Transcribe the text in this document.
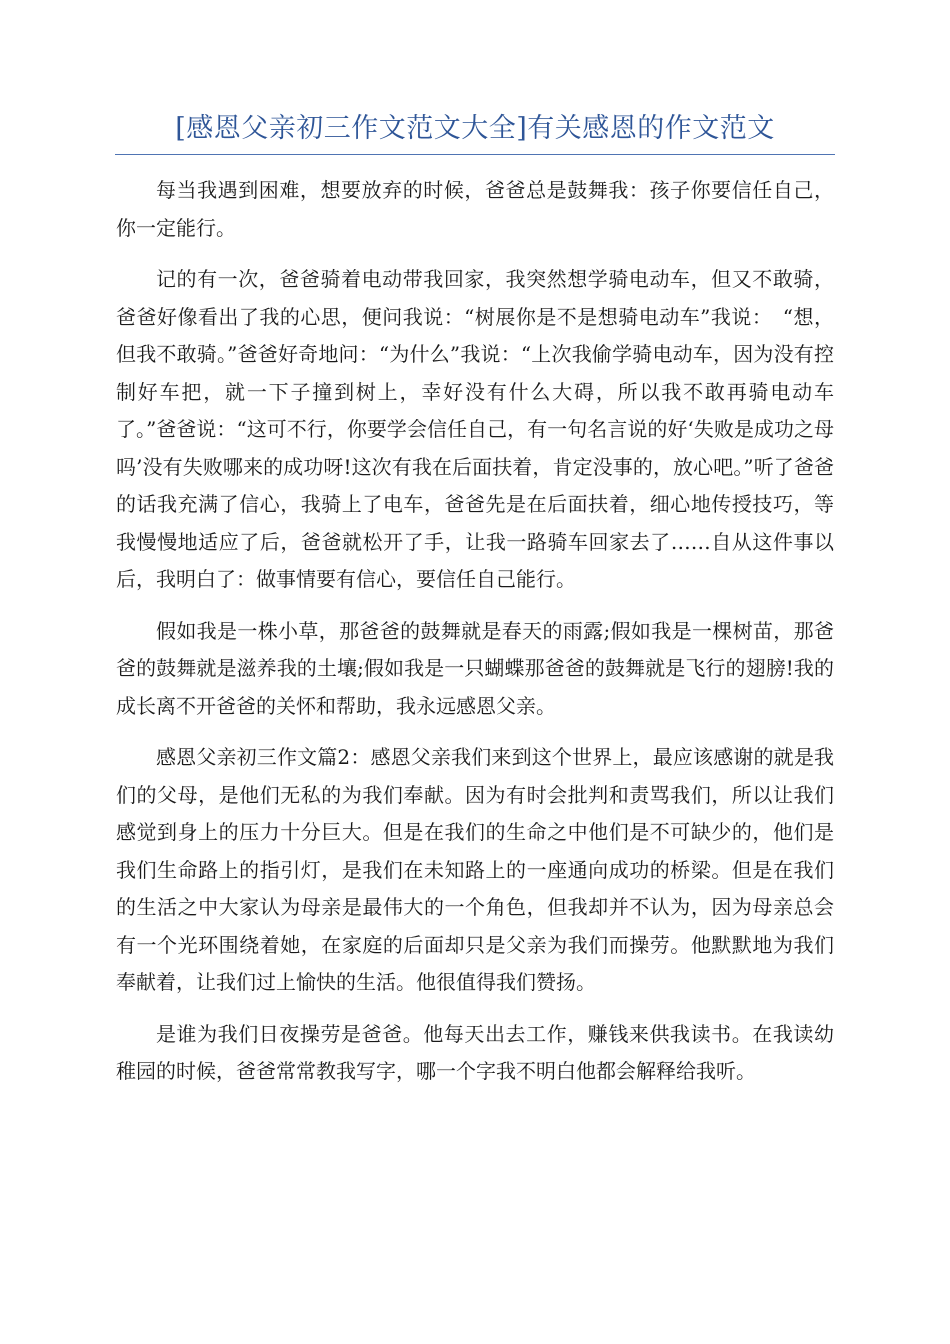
[感恩父亲初三作文范文大全]有关感恩的作文范文

每当我遇到困难，想要放弃的时候，爸爸总是鼓舞我：孩子你要信任自己，你一定能行。

记的有一次，爸爸骑着电动带我回家，我突然想学骑电动车，但又不敢骑，爸爸好像看出了我的心思，便问我说：“树展你是不是想骑电动车”我说：　“想，但我不敢骑。”爸爸好奇地问：“为什么”我说：“上次我偷学骑电动车，因为没有控制好车把，就一下子撞到树上，幸好没有什么大碍，所以我不敢再骑电动车了。”爸爸说：“这可不行，你要学会信任自己，有一句名言说的好‘失败是成功之母吗’没有失败哪来的成功呀!这次有我在后面扶着，肯定没事的，放心吧。”听了爸爸的话我充满了信心，我骑上了电车，爸爸先是在后面扶着，细心地传授技巧，等我慢慢地适应了后，爸爸就松开了手，让我一路骑车回家去了……自从这件事以后，我明白了：做事情要有信心，要信任自己能行。

假如我是一株小草，那爸爸的鼓舞就是春天的雨露;假如我是一棵树苗，那爸爸的鼓舞就是滋养我的土壤;假如我是一只蝴蝶那爸爸的鼓舞就是飞行的翅膀!我的成长离不开爸爸的关怀和帮助，我永远感恩父亲。

感恩父亲初三作文篇2：感恩父亲我们来到这个世界上，最应该感谢的就是我们的父母，是他们无私的为我们奉献。因为有时会批判和责骂我们，所以让我们感觉到身上的压力十分巨大。但是在我们的生命之中他们是不可缺少的，他们是我们生命路上的指引灯，是我们在未知路上的一座通向成功的桥梁。但是在我们的生活之中大家认为母亲是最伟大的一个角色，但我却并不认为，因为母亲总会有一个光环围绕着她，在家庭的后面却只是父亲为我们而操劳。他默默地为我们奉献着，让我们过上愉快的生活。他很值得我们赞扬。

是谁为我们日夜操劳是爸爸。他每天出去工作，赚钱来供我读书。在我读幼稚园的时候，爸爸常常教我写字，哪一个字我不明白他都会解释给我听。
